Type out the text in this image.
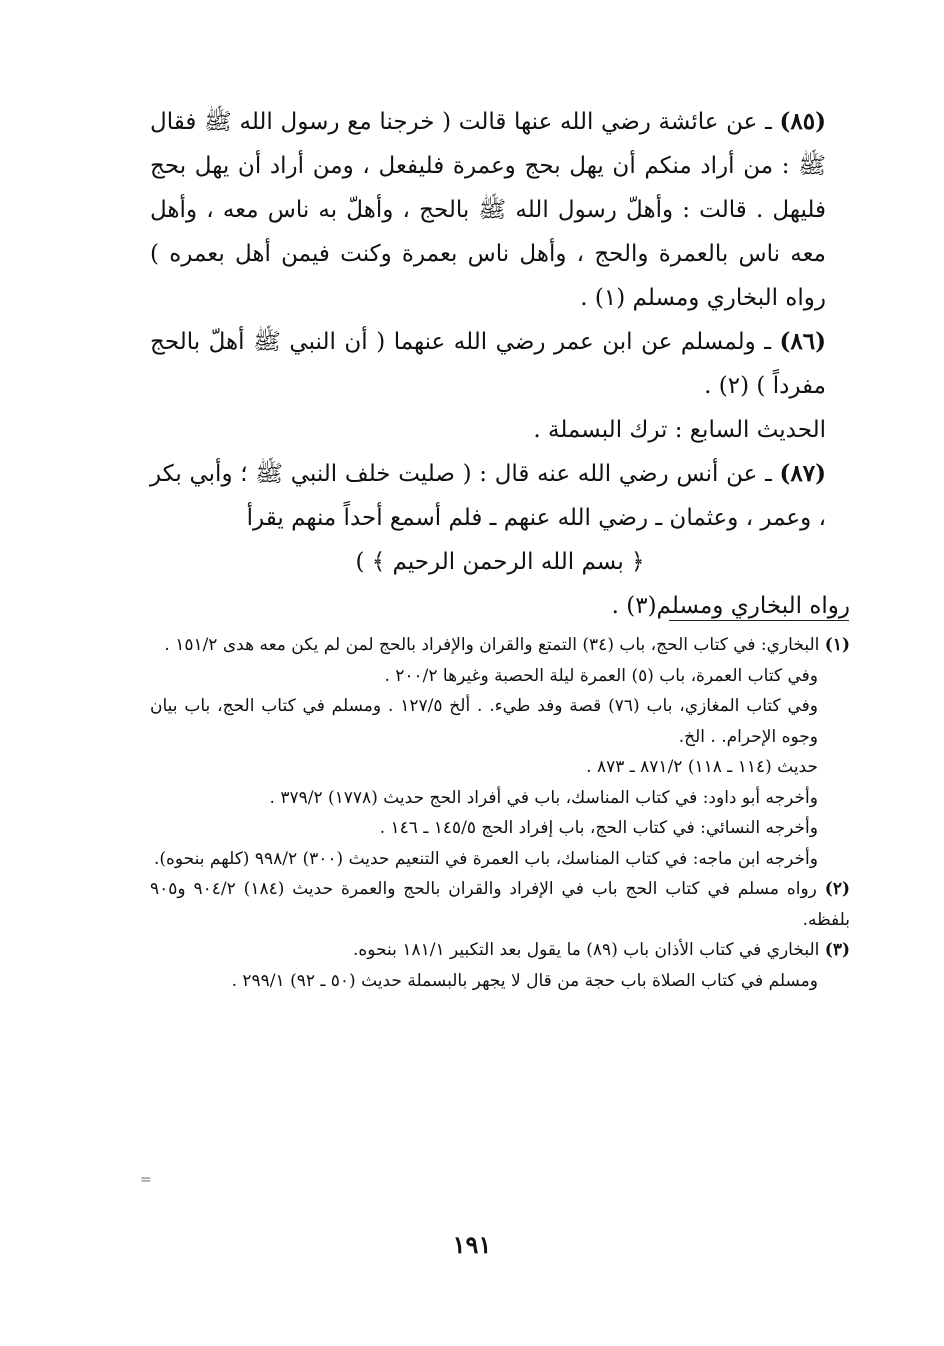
(٨٥) ـ عن عائشة رضي الله عنها قالت ( خرجنا مع رسول الله ﷺ فقال ﷺ : من أراد منكم أن يهل بحج وعمرة فليفعل ، ومن أراد أن يهل بحج فليهل . قالت : وأهلّ رسول الله ﷺ بالحج ، وأهلّ به ناس معه ، وأهل معه ناس بالعمرة والحج ، وأهل ناس بعمرة وكنت فيمن أهل بعمره ) رواه البخاري ومسلم (١) .

(٨٦) ـ ولمسلم عن ابن عمر رضي الله عنهما ( أن النبي ﷺ أهلّ بالحج مفرداً ) (٢) .

الحديث السابع : ترك البسملة .

(٨٧) ـ عن أنس رضي الله عنه قال : ( صليت خلف النبي ﷺ ؛ وأبي بكر ، وعمر ، وعثمان ـ رضي الله عنهم ـ فلم أسمع أحداً منهم يقرأ

﴿ بسم الله الرحمن الرحيم ﴾ )

رواه البخاري ومسلم(٣) .

(١) البخاري: في كتاب الحج، باب (٣٤) التمتع والقران والإفراد بالحج لمن لم يكن معه هدى ١٥١/٢ .

وفي كتاب العمرة، باب (٥) العمرة ليلة الحصبة وغيرها ٢٠٠/٢ .

وفي كتاب المغازي، باب (٧٦) قصة وفد طيء. . ألخ ١٢٧/٥ . ومسلم في كتاب الحج، باب بيان وجوه الإحرام. . الخ.

حديث (١١٤ ـ ١١٨) ٨٧١/٢ ـ ٨٧٣ .

وأخرجه أبو داود: في كتاب المناسك، باب في أفراد الحج حديث (١٧٧٨) ٣٧٩/٢ .

وأخرجه النسائي: في كتاب الحج، باب إفراد الحج ١٤٥/٥ ـ ١٤٦ .

وأخرجه ابن ماجه: في كتاب المناسك، باب العمرة في التنعيم حديث (٣٠٠) ٩٩٨/٢ (كلهم بنحوه).

(٢) رواه مسلم في كتاب الحج باب في الإفراد والقران بالحج والعمرة حديث (١٨٤) ٩٠٤/٢ و٩٠٥ بلفظه.

(٣) البخاري في كتاب الأذان باب (٨٩) ما يقول بعد التكبير ١٨١/١ بنحوه.

ومسلم في كتاب الصلاة باب حجة من قال لا يجهر بالبسملة حديث (٥٠ ـ ٩٢) ٢٩٩/١ .

=
١٩١
